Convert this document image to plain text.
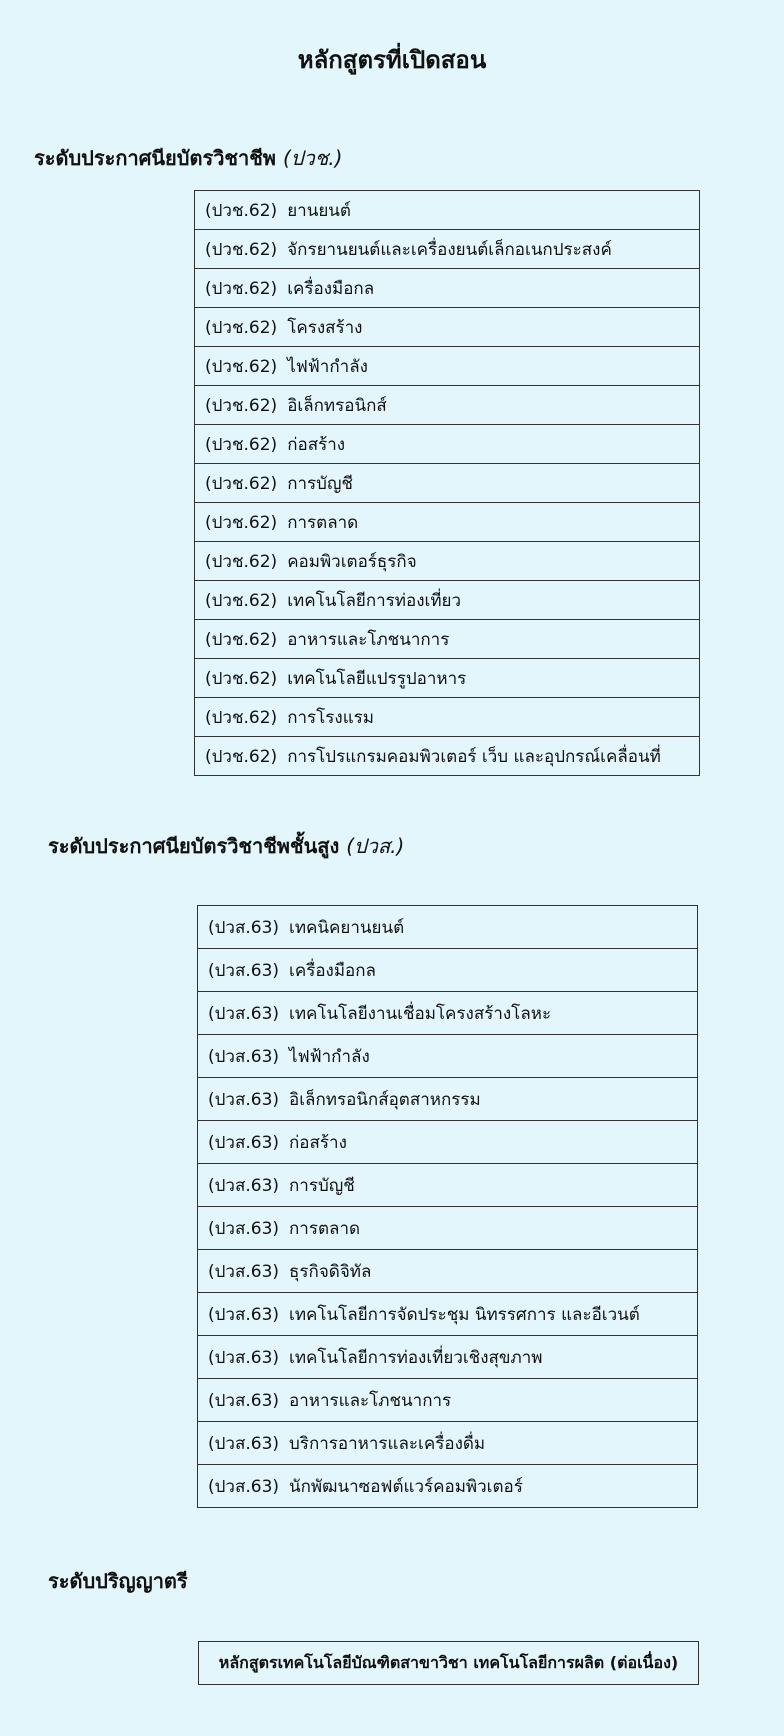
หลักสูตรที่เปิดสอน
ระดับประกาศนียบัตรวิชาชีพ (ปวช.)
(ปวช.62) ยานยนต์
(ปวช.62) จักรยานยนต์และเครื่องยนต์เล็กอเนกประสงค์
(ปวช.62) เครื่องมือกล
(ปวช.62) โครงสร้าง
(ปวช.62) ไฟฟ้ากำลัง
(ปวช.62) อิเล็กทรอนิกส์
(ปวช.62) ก่อสร้าง
(ปวช.62) การบัญชี
(ปวช.62) การตลาด
(ปวช.62) คอมพิวเตอร์ธุรกิจ
(ปวช.62) เทคโนโลยีการท่องเที่ยว
(ปวช.62) อาหารและโภชนาการ
(ปวช.62) เทคโนโลยีแปรรูปอาหาร
(ปวช.62) การโรงแรม
(ปวช.62) การโปรแกรมคอมพิวเตอร์ เว็บ และอุปกรณ์เคลื่อนที่
ระดับประกาศนียบัตรวิชาชีพชั้นสูง (ปวส.)
(ปวส.63) เทคนิคยานยนต์
(ปวส.63) เครื่องมือกล
(ปวส.63) เทคโนโลยีงานเชื่อมโครงสร้างโลหะ
(ปวส.63) ไฟฟ้ากำลัง
(ปวส.63) อิเล็กทรอนิกส์อุตสาหกรรม
(ปวส.63) ก่อสร้าง
(ปวส.63) การบัญชี
(ปวส.63) การตลาด
(ปวส.63) ธุรกิจดิจิทัล
(ปวส.63) เทคโนโลยีการจัดประชุม นิทรรศการ และอีเวนต์
(ปวส.63) เทคโนโลยีการท่องเที่ยวเชิงสุขภาพ
(ปวส.63) อาหารและโภชนาการ
(ปวส.63) บริการอาหารและเครื่องดื่ม
(ปวส.63) นักพัฒนาซอฟต์แวร์คอมพิวเตอร์
ระดับปริญญาตรี
หลักสูตรเทคโนโลยีบัณฑิตสาขาวิชา เทคโนโลยีการผลิต (ต่อเนื่อง)
